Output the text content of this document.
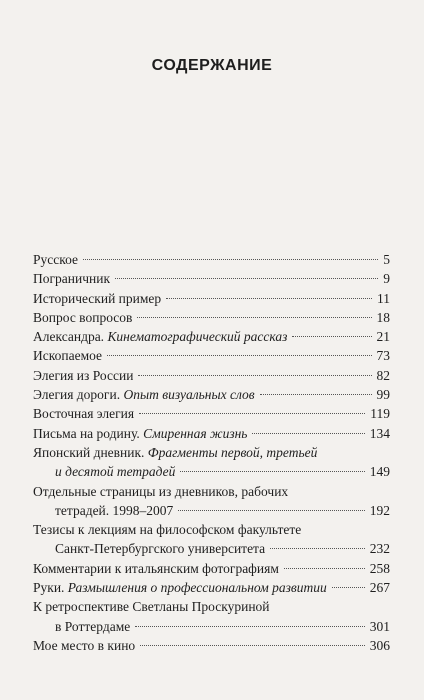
СОДЕРЖАНИЕ
Русское	5
Пограничник	9
Исторический пример	11
Вопрос вопросов	18
Александра. Кинематографический рассказ	21
Ископаемое	73
Элегия из России	82
Элегия дороги. Опыт визуальных слов	99
Восточная элегия	119
Письма на родину. Смиренная жизнь	134
Японский дневник. Фрагменты первой, третьей
и десятой тетрадей	149
Отдельные страницы из дневников, рабочих
тетрадей. 1998–2007	192
Тезисы к лекциям на философском факультете
Санкт-Петербургского университета	232
Комментарии к итальянским фотографиям	258
Руки. Размышления о профессиональном развитии	267
К ретроспективе Светланы Проскуриной
в Роттердаме	301
Мое место в кино	306
